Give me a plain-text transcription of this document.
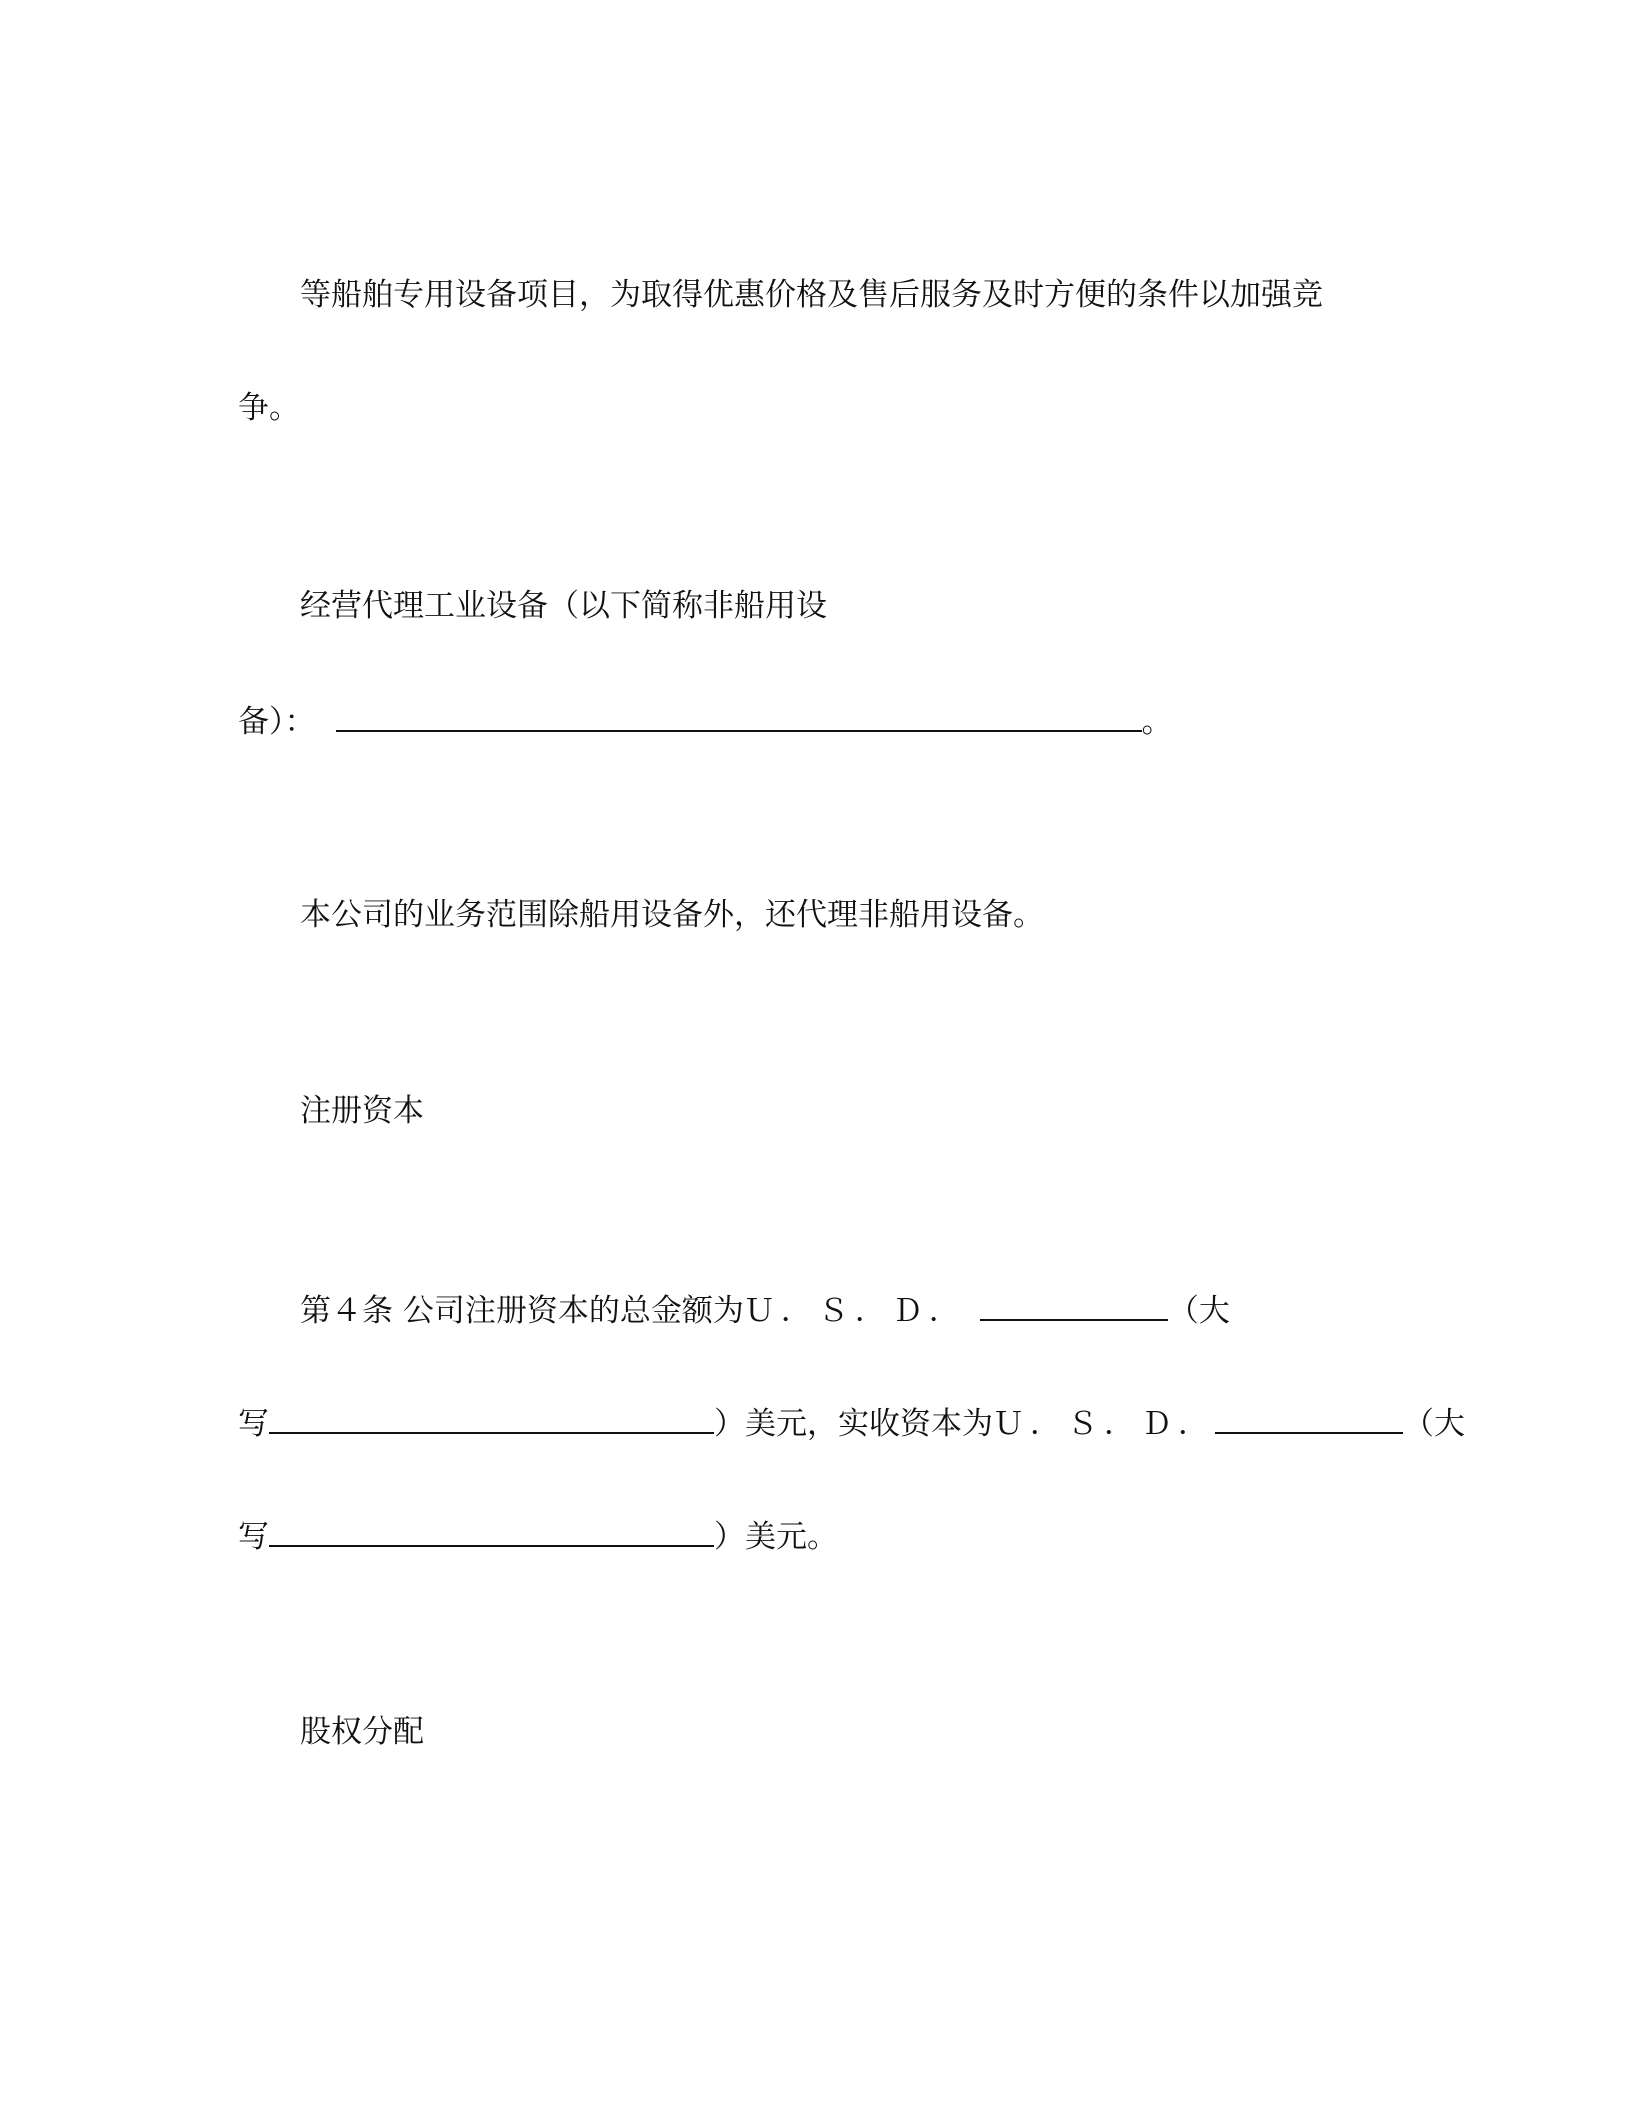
等船舶专用设备项目，为取得优惠价格及售后服务及时方便的条件以加强竞
争。
经营代理工业设备（以下简称非船用设
备）：	。
本公司的业务范围除船用设备外，还代理非船用设备。
注册资本
第４条 公司注册资本的总金额为Ｕ．Ｓ．Ｄ．	（大
写	）美元，实收资本为Ｕ．Ｓ．Ｄ．	（大
写	）美元。
股权分配
